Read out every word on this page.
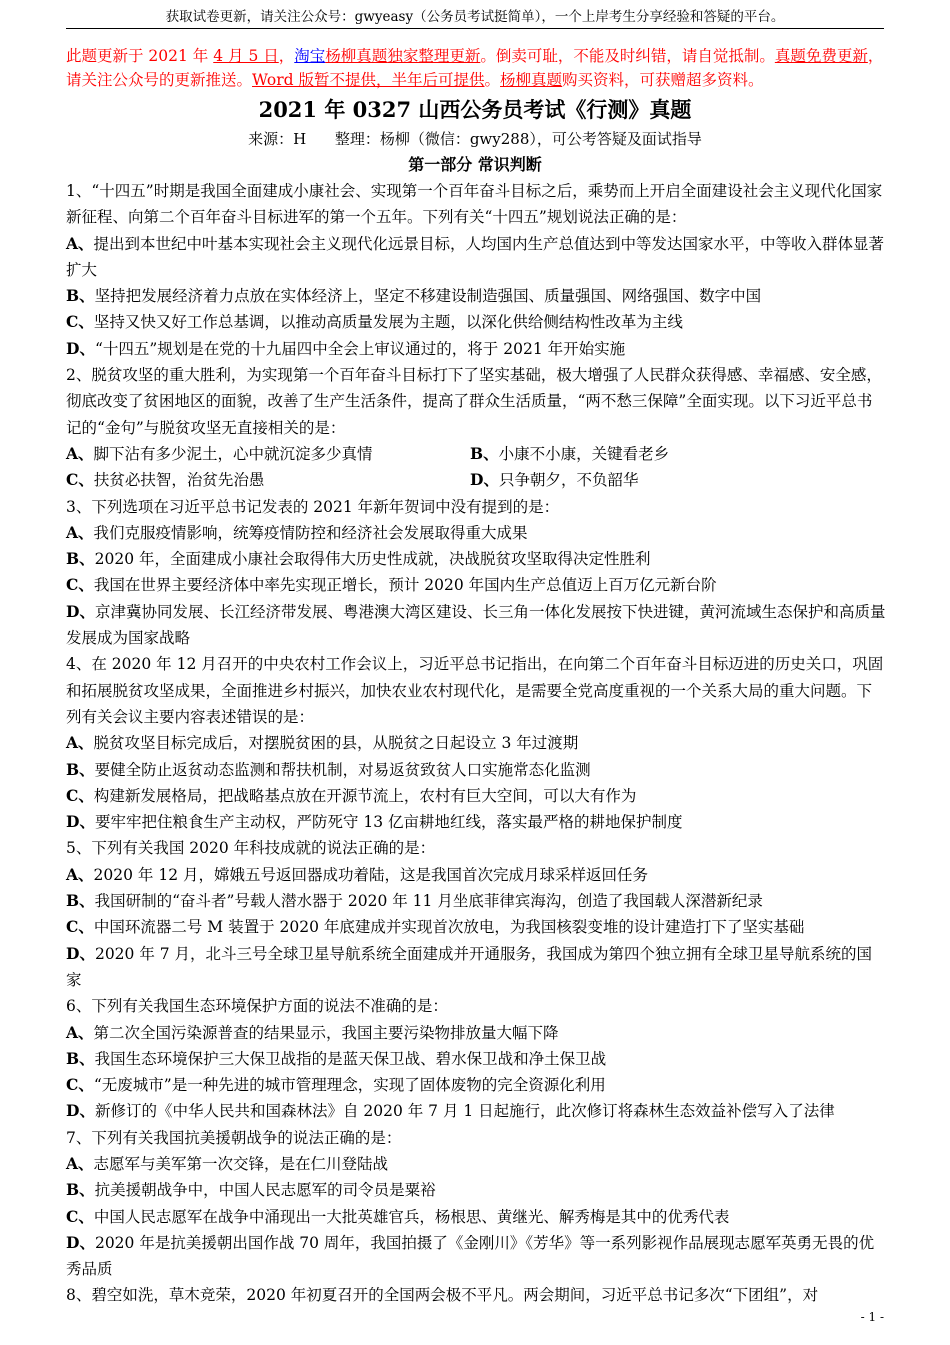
获取试卷更新，请关注公众号：gwyeasy（公务员考试挺简单），一个上岸考生分享经验和答疑的平台。
此题更新于 2021 年 4 月 5 日，淘宝杨柳真题独家整理更新。倒卖可耻，不能及时纠错，请自觉抵制。真题免费更新，请关注公众号的更新推送。Word 版暂不提供，半年后可提供。杨柳真题购买资料，可获赠超多资料。
2021 年 0327 山西公务员考试《行测》真题
来源：H      整理：杨柳（微信：gwy288），可公考答疑及面试指导
第一部分 常识判断

1、“十四五”时期是我国全面建成小康社会、实现第一个百年奋斗目标之后，乘势而上开启全面建设社会主义现代化国家新征程、向第二个百年奋斗目标进军的第一个五年。下列有关“十四五”规划说法正确的是：

A、提出到本世纪中叶基本实现社会主义现代化远景目标，人均国内生产总值达到中等发达国家水平，中等收入群体显著扩大

B、坚持把发展经济着力点放在实体经济上，坚定不移建设制造强国、质量强国、网络强国、数字中国

C、坚持又快又好工作总基调，以推动高质量发展为主题，以深化供给侧结构性改革为主线

D、“十四五”规划是在党的十九届四中全会上审议通过的，将于 2021 年开始实施

2、脱贫攻坚的重大胜利，为实现第一个百年奋斗目标打下了坚实基础，极大增强了人民群众获得感、幸福感、安全感，彻底改变了贫困地区的面貌，改善了生产生活条件，提高了群众生活质量，“两不愁三保障”全面实现。以下习近平总书记的“金句”与脱贫攻坚无直接相关的是：

A、脚下沾有多少泥土，心中就沉淀多少真情	B、小康不小康，关键看老乡
C、扶贫必扶智，治贫先治愚	D、只争朝夕，不负韶华

3、下列选项在习近平总书记发表的 2021 年新年贺词中没有提到的是：

A、我们克服疫情影响，统筹疫情防控和经济社会发展取得重大成果

B、2020 年，全面建成小康社会取得伟大历史性成就，决战脱贫攻坚取得决定性胜利

C、我国在世界主要经济体中率先实现正增长，预计 2020 年国内生产总值迈上百万亿元新台阶

D、京津冀协同发展、长江经济带发展、粤港澳大湾区建设、长三角一体化发展按下快进键，黄河流域生态保护和高质量发展成为国家战略

4、在 2020 年 12 月召开的中央农村工作会议上，习近平总书记指出，在向第二个百年奋斗目标迈进的历史关口，巩固和拓展脱贫攻坚成果，全面推进乡村振兴，加快农业农村现代化，是需要全党高度重视的一个关系大局的重大问题。下列有关会议主要内容表述错误的是：

A、脱贫攻坚目标完成后，对摆脱贫困的县，从脱贫之日起设立 3 年过渡期

B、要健全防止返贫动态监测和帮扶机制，对易返贫致贫人口实施常态化监测

C、构建新发展格局，把战略基点放在开源节流上，农村有巨大空间，可以大有作为

D、要牢牢把住粮食生产主动权，严防死守 13 亿亩耕地红线，落实最严格的耕地保护制度

5、下列有关我国 2020 年科技成就的说法正确的是：

A、2020 年 12 月，嫦娥五号返回器成功着陆，这是我国首次完成月球采样返回任务

B、我国研制的“奋斗者”号载人潜水器于 2020 年 11 月坐底菲律宾海沟，创造了我国载人深潜新纪录

C、中国环流器二号 M 装置于 2020 年底建成并实现首次放电，为我国核裂变堆的设计建造打下了坚实基础

D、2020 年 7 月，北斗三号全球卫星导航系统全面建成并开通服务，我国成为第四个独立拥有全球卫星导航系统的国家

6、下列有关我国生态环境保护方面的说法不准确的是：

A、第二次全国污染源普查的结果显示，我国主要污染物排放量大幅下降

B、我国生态环境保护三大保卫战指的是蓝天保卫战、碧水保卫战和净土保卫战

C、“无废城市”是一种先进的城市管理理念，实现了固体废物的完全资源化利用

D、新修订的《中华人民共和国森林法》自 2020 年 7 月 1 日起施行，此次修订将森林生态效益补偿写入了法律

7、下列有关我国抗美援朝战争的说法正确的是：

A、志愿军与美军第一次交锋，是在仁川登陆战

B、抗美援朝战争中，中国人民志愿军的司令员是粟裕

C、中国人民志愿军在战争中涌现出一大批英雄官兵，杨根思、黄继光、解秀梅是其中的优秀代表

D、2020 年是抗美援朝出国作战 70 周年，我国拍摄了《金刚川》《芳华》等一系列影视作品展现志愿军英勇无畏的优秀品质

8、碧空如洗，草木竞荣，2020 年初夏召开的全国两会极不平凡。两会期间，习近平总书记多次“下团组”，对

- 1 -
